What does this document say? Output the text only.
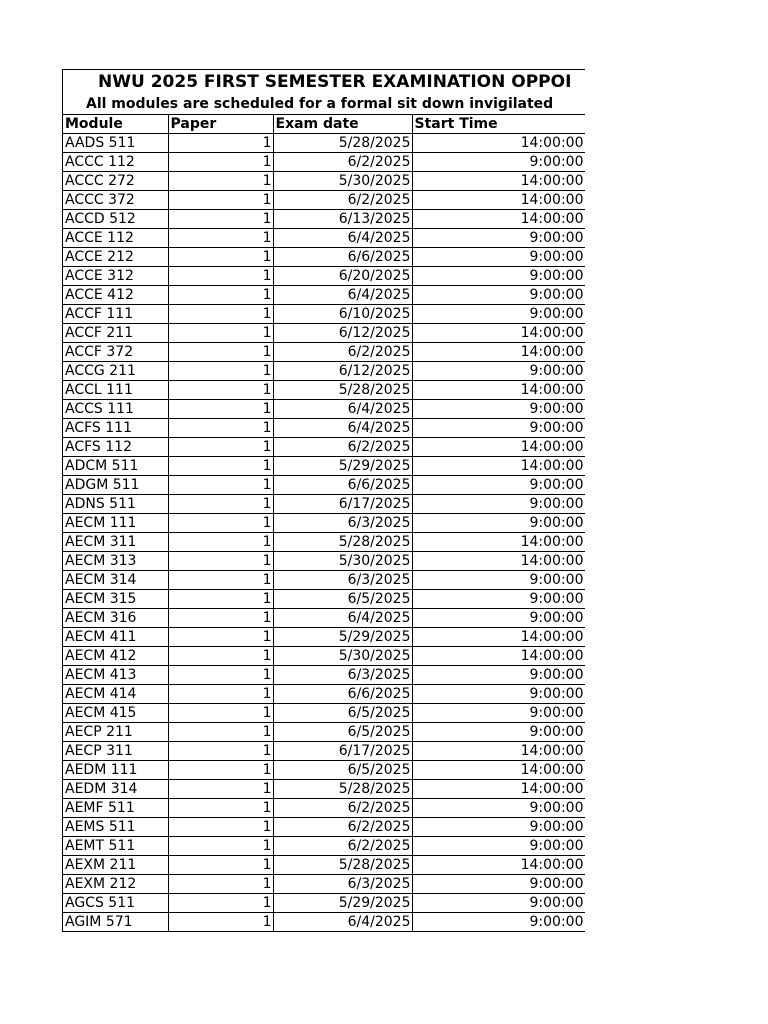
NWU 2025 FIRST SEMESTER EXAMINATION OPPOI
All modules are scheduled for a formal sit down invigilated
Module	Paper	Exam date	Start Time
AADS 511	1	5/28/2025	14:00:00
ACCC 112	1	6/2/2025	9:00:00
ACCC 272	1	5/30/2025	14:00:00
ACCC 372	1	6/2/2025	14:00:00
ACCD 512	1	6/13/2025	14:00:00
ACCE 112	1	6/4/2025	9:00:00
ACCE 212	1	6/6/2025	9:00:00
ACCE 312	1	6/20/2025	9:00:00
ACCE 412	1	6/4/2025	9:00:00
ACCF 111	1	6/10/2025	9:00:00
ACCF 211	1	6/12/2025	14:00:00
ACCF 372	1	6/2/2025	14:00:00
ACCG 211	1	6/12/2025	9:00:00
ACCL 111	1	5/28/2025	14:00:00
ACCS 111	1	6/4/2025	9:00:00
ACFS 111	1	6/4/2025	9:00:00
ACFS 112	1	6/2/2025	14:00:00
ADCM 511	1	5/29/2025	14:00:00
ADGM 511	1	6/6/2025	9:00:00
ADNS 511	1	6/17/2025	9:00:00
AECM 111	1	6/3/2025	9:00:00
AECM 311	1	5/28/2025	14:00:00
AECM 313	1	5/30/2025	14:00:00
AECM 314	1	6/3/2025	9:00:00
AECM 315	1	6/5/2025	9:00:00
AECM 316	1	6/4/2025	9:00:00
AECM 411	1	5/29/2025	14:00:00
AECM 412	1	5/30/2025	14:00:00
AECM 413	1	6/3/2025	9:00:00
AECM 414	1	6/6/2025	9:00:00
AECM 415	1	6/5/2025	9:00:00
AECP 211	1	6/5/2025	9:00:00
AECP 311	1	6/17/2025	14:00:00
AEDM 111	1	6/5/2025	14:00:00
AEDM 314	1	5/28/2025	14:00:00
AEMF 511	1	6/2/2025	9:00:00
AEMS 511	1	6/2/2025	9:00:00
AEMT 511	1	6/2/2025	9:00:00
AEXM 211	1	5/28/2025	14:00:00
AEXM 212	1	6/3/2025	9:00:00
AGCS 511	1	5/29/2025	9:00:00
AGIM 571	1	6/4/2025	9:00:00
